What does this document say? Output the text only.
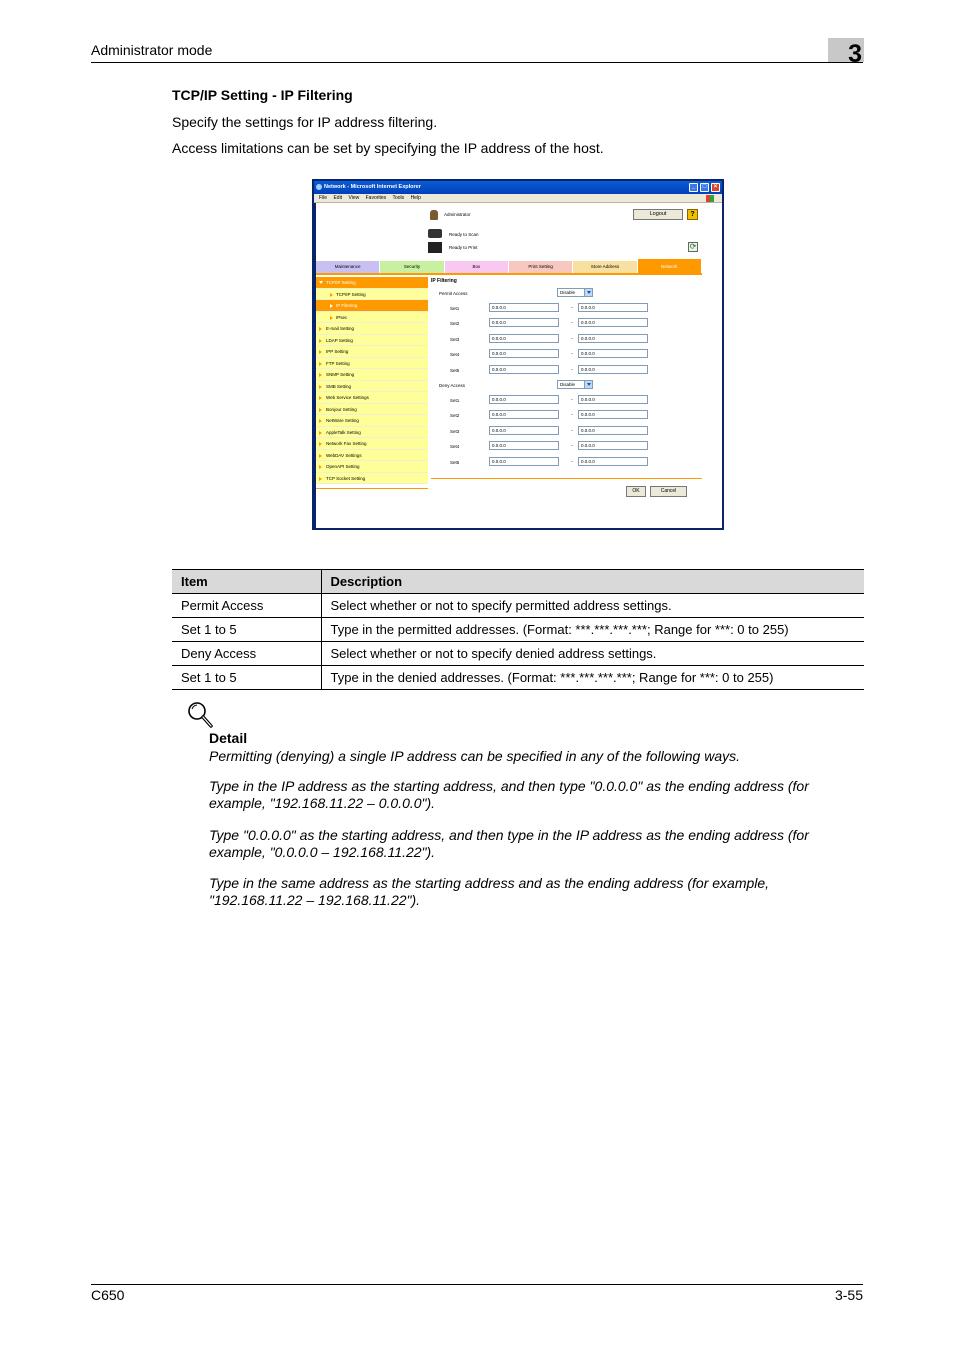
Administrator mode	3
TCP/IP Setting - IP Filtering
Specify the settings for IP address filtering.
Access limitations can be set by specifying the IP address of the host.
Network - Microsoft Internet Explorer	_	□	×
File Edit View Favorites Tools Help
Administrator	Logout	?
Ready to Scan
Ready to Print	⟳
Maintenance	Security	Box	Print Setting	Store Address	Network
TCP/IP Setting
TCP/IP Setting
IP Filtering
IPsec
E-mail Setting
LDAP Setting
IPP Setting
FTP Setting
SNMP Setting
SMB Setting
Web Service Settings
Bonjour Setting
NetWare Setting
AppleTalk Setting
Network Fax Setting
WebDAV Settings
OpenAPI Setting
TCP Socket Setting
IP Filtering
Permit Access	Disable
Set1	0.0.0.0	-	0.0.0.0
Set2	0.0.0.0	-	0.0.0.0
Set3	0.0.0.0	-	0.0.0.0
Set4	0.0.0.0	-	0.0.0.0
Set5	0.0.0.0	-	0.0.0.0
Deny Access	Disable
Set1	0.0.0.0	-	0.0.0.0
Set2	0.0.0.0	-	0.0.0.0
Set3	0.0.0.0	-	0.0.0.0
Set4	0.0.0.0	-	0.0.0.0
Set5	0.0.0.0	-	0.0.0.0
OK	Cancel
Item	Description
Permit Access	Select whether or not to specify permitted address settings.
Set 1 to 5	Type in the permitted addresses. (Format: ***.***.***.***; Range for ***: 0 to 255)
Deny Access	Select whether or not to specify denied address settings.
Set 1 to 5	Type in the denied addresses. (Format: ***.***.***.***; Range for ***: 0 to 255)
Detail
Permitting (denying) a single IP address can be specified in any of the following ways.
Type in the IP address as the starting address, and then type "0.0.0.0" as the ending address (for example, "192.168.11.22 – 0.0.0.0").
Type "0.0.0.0" as the starting address, and then type in the IP address as the ending address (for example, "0.0.0.0 – 192.168.11.22").
Type in the same address as the starting address and as the ending address (for example, "192.168.11.22 – 192.168.11.22").
C650	3-55
